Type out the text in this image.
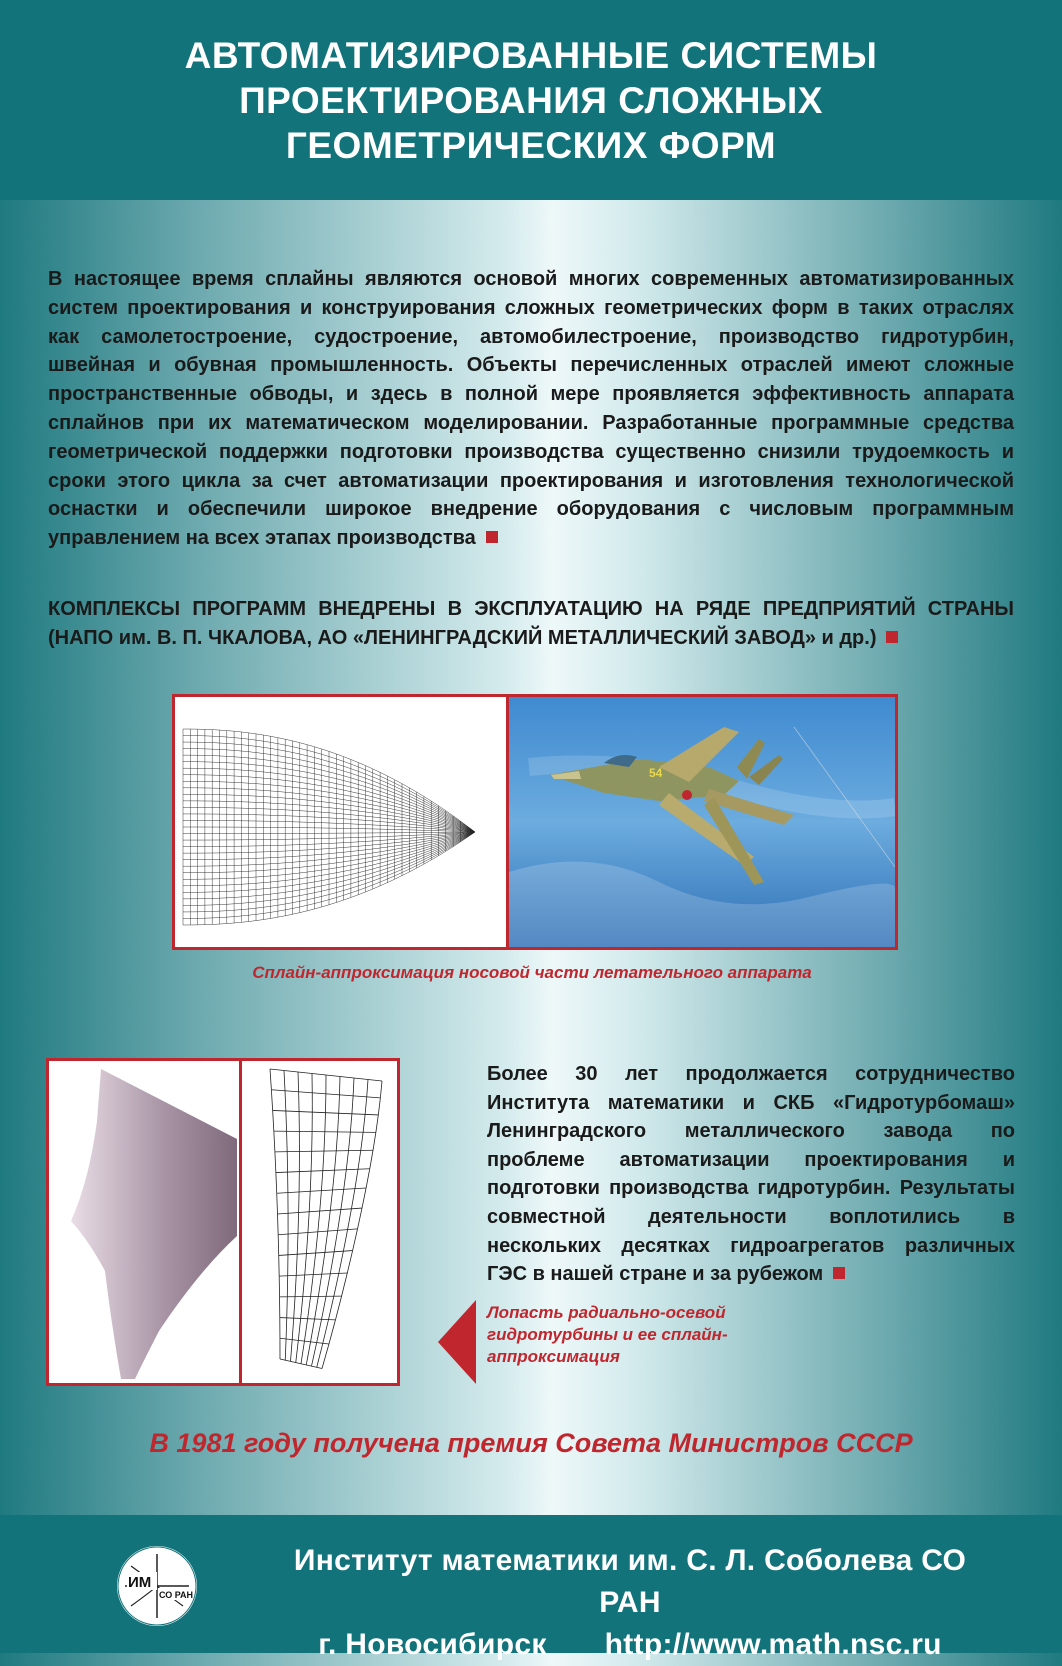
АВТОМАТИЗИРОВАННЫЕ СИСТЕМЫ ПРОЕКТИРОВАНИЯ СЛОЖНЫХ ГЕОМЕТРИЧЕСКИХ ФОРМ

В настоящее время сплайны являются основой многих современных автоматизированных систем проектирования и конструирования сложных геометрических форм в таких отраслях как самолетостроение, судостроение, автомобилестроение, производство гидротурбин, швейная и обувная промышленность. Объекты перечисленных отраслей имеют сложные пространственные обводы, и здесь в полной мере проявляется эффективность аппарата сплайнов при их математическом моделировании. Разработанные программные средства геометрической поддержки подготовки производства существенно снизили трудоемкость и сроки этого цикла за счет автоматизации проектирования и изготовления технологической оснастки и обеспечили широкое внедрение оборудования с числовым программным управлением на всех этапах производства

КОМПЛЕКСЫ ПРОГРАММ ВНЕДРЕНЫ В ЭКСПЛУАТАЦИЮ НА РЯДЕ ПРЕДПРИЯТИЙ СТРАНЫ (НАПО им. В. П. ЧКАЛОВА, АО «ЛЕНИНГРАДСКИЙ МЕТАЛЛИЧЕСКИЙ ЗАВОД» и др.)

54
Сплайн-аппроксимация носовой части летательного аппарата

Более 30 лет продолжается сотрудничество Института математики и СКБ «Гидротурбомаш» Ленинградского металлического завода по проблеме автоматизации проектирования и подготовки производства гидротурбин. Результаты совместной деятельности воплотились в нескольких десятках гидроагрегатов различных ГЭС в нашей стране и за рубежом

Лопасть радиально-осевой
гидротурбины и ее сплайн-
аппроксимация
В 1981 году получена премия Совета Министров СССР
ИМ
СО РАН
Институт математики им. С. Л. Соболева СО РАН
г. Новосибирск http://www.math.nsc.ru
